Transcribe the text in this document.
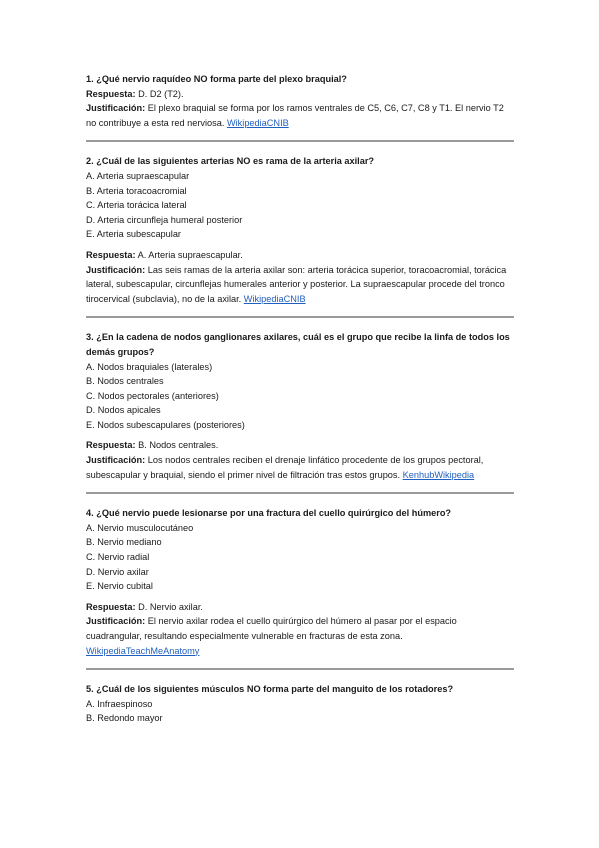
1. ¿Qué nervio raquídeo NO forma parte del plexo braquial?
Respuesta: D. D2 (T2).
Justificación: El plexo braquial se forma por los ramos ventrales de C5, C6, C7, C8 y T1. El nervio T2 no contribuye a esta red nerviosa. WikipediaCNIB
2. ¿Cuál de las siguientes arterias NO es rama de la arteria axilar?
A. Arteria supraescapular
B. Arteria toracoacromial
C. Arteria torácica lateral
D. Arteria circunfleja humeral posterior
E. Arteria subescapular
Respuesta: A. Arteria supraescapular.
Justificación: Las seis ramas de la arteria axilar son: arteria torácica superior, toracoacromial, torácica lateral, subescapular, circunflejas humerales anterior y posterior. La supraescapular procede del tronco tirocervical (subclavia), no de la axilar. WikipediaCNIB
3. ¿En la cadena de nodos ganglionares axilares, cuál es el grupo que recibe la linfa de todos los demás grupos?
A. Nodos braquiales (laterales)
B. Nodos centrales
C. Nodos pectorales (anteriores)
D. Nodos apicales
E. Nodos subescapulares (posteriores)
Respuesta: B. Nodos centrales.
Justificación: Los nodos centrales reciben el drenaje linfático procedente de los grupos pectoral, subescapular y braquial, siendo el primer nivel de filtración tras estos grupos. KenhubWikipedia
4. ¿Qué nervio puede lesionarse por una fractura del cuello quirúrgico del húmero?
A. Nervio musculocutáneo
B. Nervio mediano
C. Nervio radial
D. Nervio axilar
E. Nervio cubital
Respuesta: D. Nervio axilar.
Justificación: El nervio axilar rodea el cuello quirúrgico del húmero al pasar por el espacio cuadrangular, resultando especialmente vulnerable en fracturas de esta zona. WikipediaTeachMeAnatomy
5. ¿Cuál de los siguientes músculos NO forma parte del manguito de los rotadores?
A. Infraespinoso
B. Redondo mayor
